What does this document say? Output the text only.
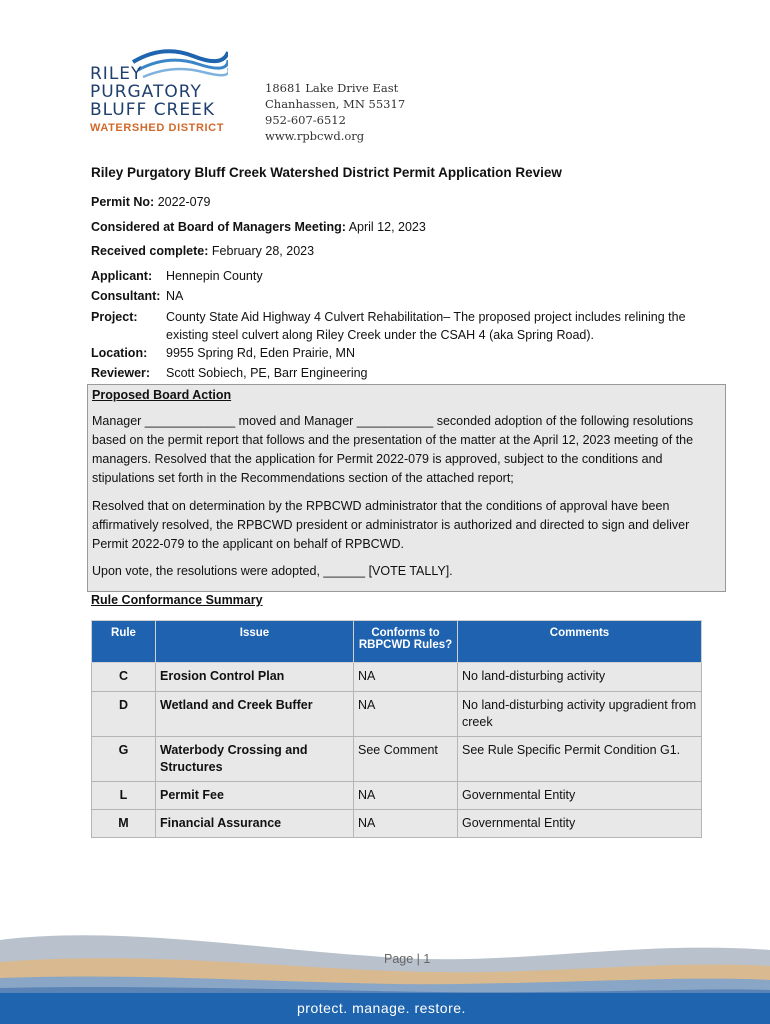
RILEY
PURGATORY
BLUFF CREEK
WATERSHED DISTRICT
18681 Lake Drive East
Chanhassen, MN 55317
952-607-6512
www.rpbcwd.org
Riley Purgatory Bluff Creek Watershed District Permit Application Review
Permit No: 2022-079
Considered at Board of Managers Meeting: April 12, 2023
Received complete: February 28, 2023
Applicant:	Hennepin County
Consultant: NA
Project:	County State Aid Highway 4 Culvert Rehabilitation– The proposed project includes relining the existing steel culvert along Riley Creek under the CSAH 4 (aka Spring Road).
Location:	9955 Spring Rd, Eden Prairie, MN
Reviewer:	Scott Sobiech, PE, Barr Engineering

Proposed Board Action

Manager _____________ moved and Manager ___________ seconded adoption of the following resolutions based on the permit report that follows and the presentation of the matter at the April 12, 2023 meeting of the managers. Resolved that the application for Permit 2022-079 is approved, subject to the conditions and stipulations set forth in the Recommendations section of the attached report;

Resolved that on determination by the RPBCWD administrator that the conditions of approval have been affirmatively resolved, the RPBCWD president or administrator is authorized and directed to sign and deliver Permit 2022-079 to the applicant on behalf of RPBCWD.

Upon vote, the resolutions were adopted, ______ [VOTE TALLY].

Rule Conformance Summary
Rule	Issue	Conforms to RBPCWD Rules?	Comments
C	Erosion Control Plan	NA	No land-disturbing activity
D	Wetland and Creek Buffer	NA	No land-disturbing activity upgradient from creek
G	Waterbody Crossing and Structures	See Comment	See Rule Specific Permit Condition G1.
L	Permit Fee	NA	Governmental Entity
M	Financial Assurance	NA	Governmental Entity
Page | 1
protect. manage. restore.
